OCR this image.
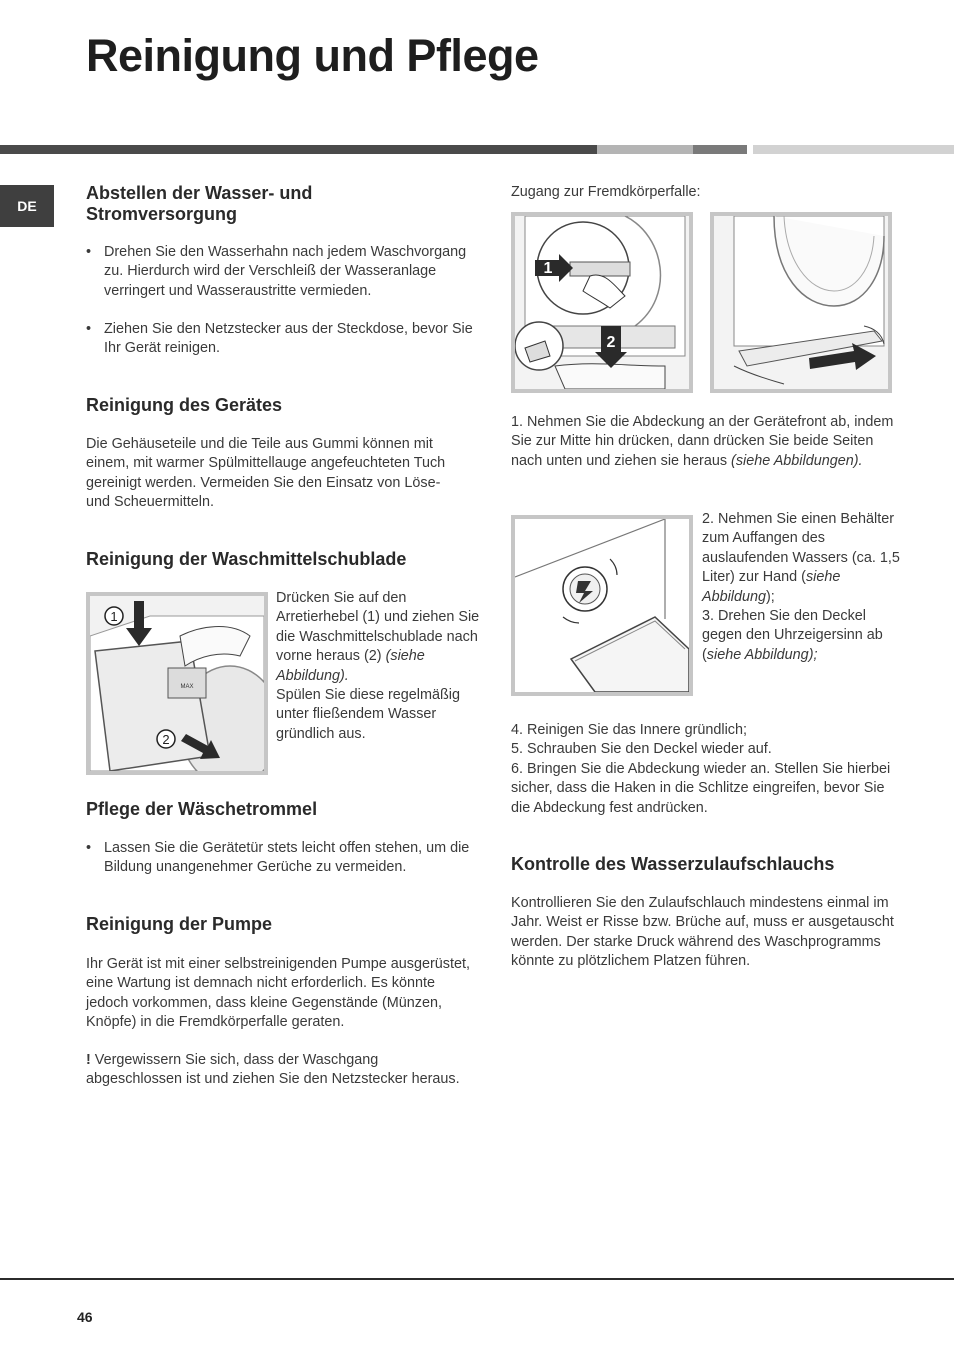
Reinigung und Pflege
DE
Abstellen der Wasser- und Stromversorgung

• Drehen Sie den Wasserhahn nach jedem Waschvorgang zu. Hierdurch wird der Verschleiß der Wasseranlage verringert und Wasseraustritte vermieden.

• Ziehen Sie den Netzstecker aus der Steckdose, bevor Sie Ihr Gerät reinigen.

Reinigung des Gerätes

Die Gehäuseteile und die Teile aus Gummi können mit einem, mit warmer Spülmittellauge angefeuchteten Tuch gereinigt werden. Vermeiden Sie den Einsatz von Löse- und Scheuermitteln.

Reinigung der Waschmittelschublade
1
2
MAX

Drücken Sie auf den Arretierhebel (1) und ziehen Sie die Waschmittelschublade nach vorne heraus (2) (siehe Abbildung).
Spülen Sie diese regelmäßig unter fließendem Wasser gründlich aus.

Pflege der Wäschetrommel

• Lassen Sie die Gerätetür stets leicht offen stehen, um die Bildung unangenehmer Gerüche zu vermeiden.

Reinigung der Pumpe

Ihr Gerät ist mit einer selbstreinigenden Pumpe ausgerüstet, eine Wartung ist demnach nicht erforderlich. Es könnte jedoch vorkommen, dass kleine Gegenstände (Münzen, Knöpfe) in die Fremdkörperfalle geraten.

! Vergewissern Sie sich, dass der Waschgang abgeschlossen ist und ziehen Sie den Netzstecker heraus.

Zugang zur Fremdkörperfalle:

1
2

1. Nehmen Sie die Abdeckung an der Gerätefront ab, indem Sie zur Mitte hin drücken, dann drücken Sie beide Seiten nach unten und ziehen sie heraus (siehe Abbildungen).

2. Nehmen Sie einen Behälter zum Auffangen des auslaufenden Wassers (ca. 1,5 Liter) zur Hand (siehe Abbildung);
3. Drehen Sie den Deckel gegen den Uhrzeigersinn ab (siehe Abbildung);

4. Reinigen Sie das Innere gründlich;
5. Schrauben Sie den Deckel wieder auf.
6. Bringen Sie die Abdeckung wieder an. Stellen Sie hierbei sicher, dass die Haken in die Schlitze eingreifen, bevor Sie die Abdeckung fest andrücken.

Kontrolle des Wasserzulaufschlauchs

Kontrollieren Sie den Zulaufschlauch mindestens einmal im Jahr. Weist er Risse bzw. Brüche auf, muss er ausgetauscht werden. Der starke Druck während des Waschprogramms könnte zu plötzlichem Platzen führen.

46
